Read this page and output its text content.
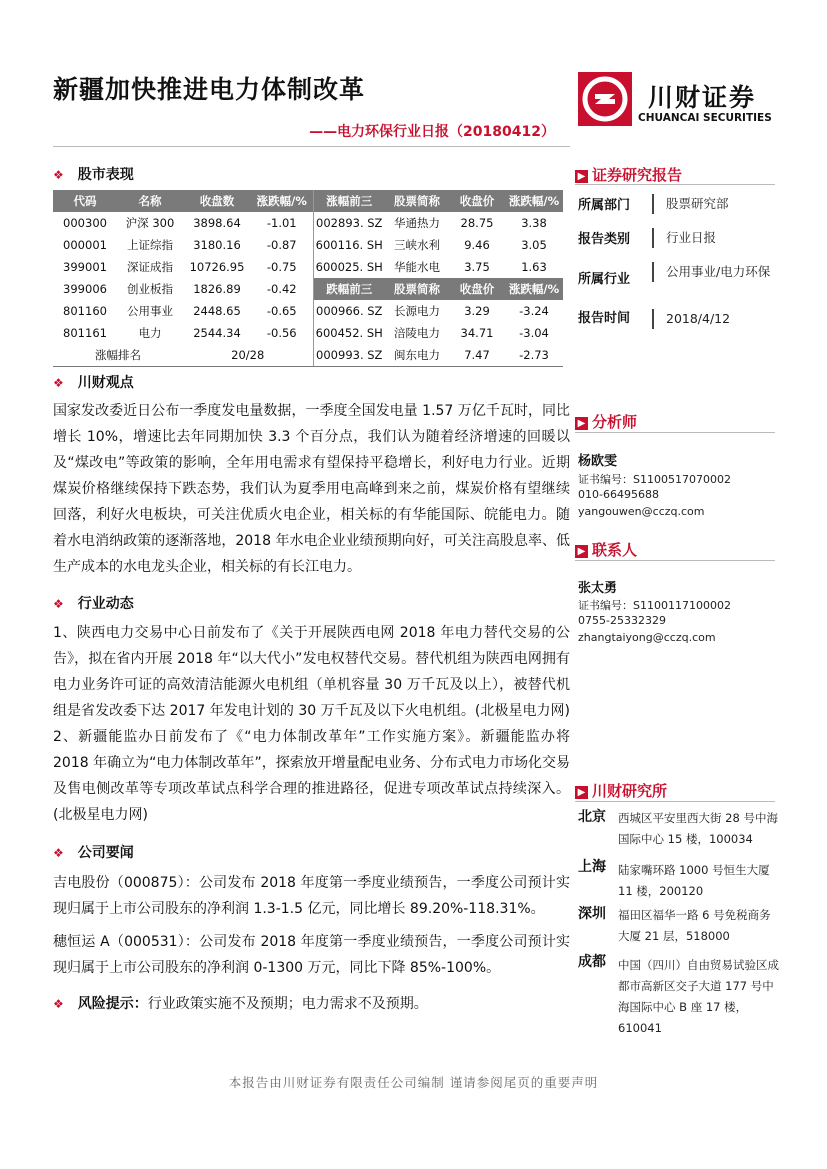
新疆加快推进电力体制改革
——电力环保行业日报（20180412）
川财证券
CHUANCAI SECURITIES
❖ 股市表现
代码	名称	收盘数	涨跌幅/%	涨幅前三	股票简称	收盘价	涨跌幅/%
000300	沪深 300	3898.64	-1.01	002893. SZ	华通热力	28.75	3.38
000001	上证综指	3180.16	-0.87	600116. SH	三峡水利	9.46	3.05
399001	深证成指	10726.95	-0.75	600025. SH	华能水电	3.75	1.63
399006	创业板指	1826.89	-0.42	跌幅前三	股票简称	收盘价	涨跌幅/%
801160	公用事业	2448.65	-0.65	000966. SZ	长源电力	3.29	-3.24
801161	电力	2544.34	-0.56	600452. SH	涪陵电力	34.71	-3.04
涨幅排名		20/28		000993. SZ	闽东电力	7.47	-2.73
❖ 川财观点

国家发改委近日公布一季度发电量数据，一季度全国发电量 1.57 万亿千瓦时，同比增长 10%，增速比去年同期加快 3.3 个百分点，我们认为随着经济增速的回暖以及“煤改电”等政策的影响，全年用电需求有望保持平稳增长，利好电力行业。近期煤炭价格继续保持下跌态势，我们认为夏季用电高峰到来之前，煤炭价格有望继续回落，利好火电板块，可关注优质火电企业，相关标的有华能国际、皖能电力。随着水电消纳政策的逐渐落地，2018 年水电企业业绩预期向好，可关注高股息率、低生产成本的水电龙头企业，相关标的有长江电力。

❖ 行业动态

1、陕西电力交易中心日前发布了《关于开展陕西电网 2018 年电力替代交易的公告》，拟在省内开展 2018 年“以大代小”发电权替代交易。替代机组为陕西电网拥有电力业务许可证的高效清洁能源火电机组（单机容量 30 万千瓦及以上），被替代机组是省发改委下达 2017 年发电计划的 30 万千瓦及以下火电机组。(北极星电力网) 2、新疆能监办日前发布了《“电力体制改革年”工作实施方案》。新疆能监办将 2018 年确立为“电力体制改革年”，探索放开增量配电业务、分布式电力市场化交易及售电侧改革等专项改革试点科学合理的推进路径，促进专项改革试点持续深入。(北极星电力网)

❖ 公司要闻

吉电股份（000875）：公司发布 2018 年度第一季度业绩预告，一季度公司预计实现归属于上市公司股东的净利润 1.3-1.5 亿元，同比增长 89.20%-118.31%。

穗恒运 A（000531）：公司发布 2018 年度第一季度业绩预告，一季度公司预计实现归属于上市公司股东的净利润 0-1300 万元，同比下降 85%-100%。

❖ 风险提示：行业政策实施不及预期；电力需求不及预期。
▶ 证券研究报告
所属部门	股票研究部
报告类别	行业日报
所属行业
公用事业/电力环保
报告时间	2018/4/12
▶ 分析师
杨欧雯
证书编号：S1100517070002
010-66495688
yangouwen@cczq.com
▶ 联系人
张太勇
证书编号：S1100117100002
0755-25332329
zhangtaiyong@cczq.com
▶ 川财研究所
北京 西城区平安里西大街 28 号中海国际中心 15 楼，100034
上海 陆家嘴环路 1000 号恒生大厦 11 楼，200120
深圳 福田区福华一路 6 号免税商务大厦 21 层，518000
成都 中国（四川）自由贸易试验区成都市高新区交子大道 177 号中海国际中心 B 座 17 楼，610041
本报告由川财证券有限责任公司编制 谨请参阅尾页的重要声明
